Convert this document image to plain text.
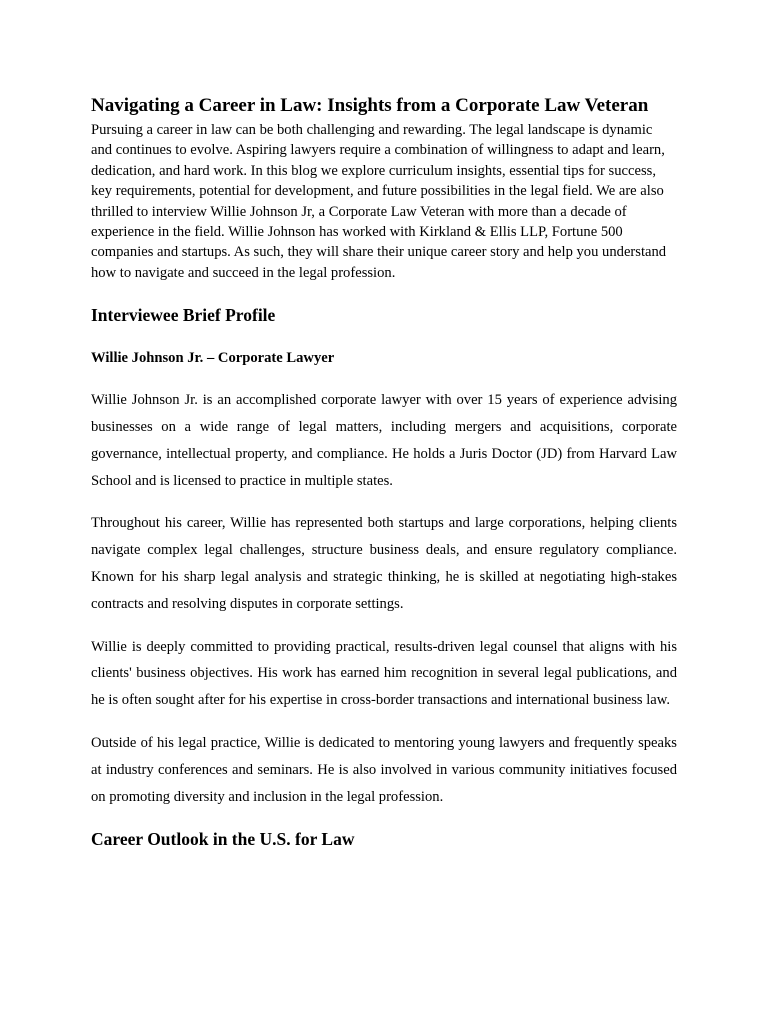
Navigating a Career in Law: Insights from a Corporate Law Veteran

Pursuing a career in law can be both challenging and rewarding. The legal landscape is dynamic and continues to evolve. Aspiring lawyers require a combination of willingness to adapt and learn, dedication, and hard work. In this blog we explore curriculum insights, essential tips for success, key requirements, potential for development, and future possibilities in the legal field. We are also thrilled to interview Willie Johnson Jr, a Corporate Law Veteran with more than a decade of experience in the field. Willie Johnson has worked with Kirkland & Ellis LLP, Fortune 500 companies and startups. As such, they will share their unique career story and help you understand how to navigate and succeed in the legal profession.

Interviewee Brief Profile
Willie Johnson Jr. – Corporate Lawyer

Willie Johnson Jr. is an accomplished corporate lawyer with over 15 years of experience advising businesses on a wide range of legal matters, including mergers and acquisitions, corporate governance, intellectual property, and compliance. He holds a Juris Doctor (JD) from Harvard Law School and is licensed to practice in multiple states.

Throughout his career, Willie has represented both startups and large corporations, helping clients navigate complex legal challenges, structure business deals, and ensure regulatory compliance. Known for his sharp legal analysis and strategic thinking, he is skilled at negotiating high-stakes contracts and resolving disputes in corporate settings.

Willie is deeply committed to providing practical, results-driven legal counsel that aligns with his clients' business objectives. His work has earned him recognition in several legal publications, and he is often sought after for his expertise in cross-border transactions and international business law.

Outside of his legal practice, Willie is dedicated to mentoring young lawyers and frequently speaks at industry conferences and seminars. He is also involved in various community initiatives focused on promoting diversity and inclusion in the legal profession.

Career Outlook in the U.S. for Law
